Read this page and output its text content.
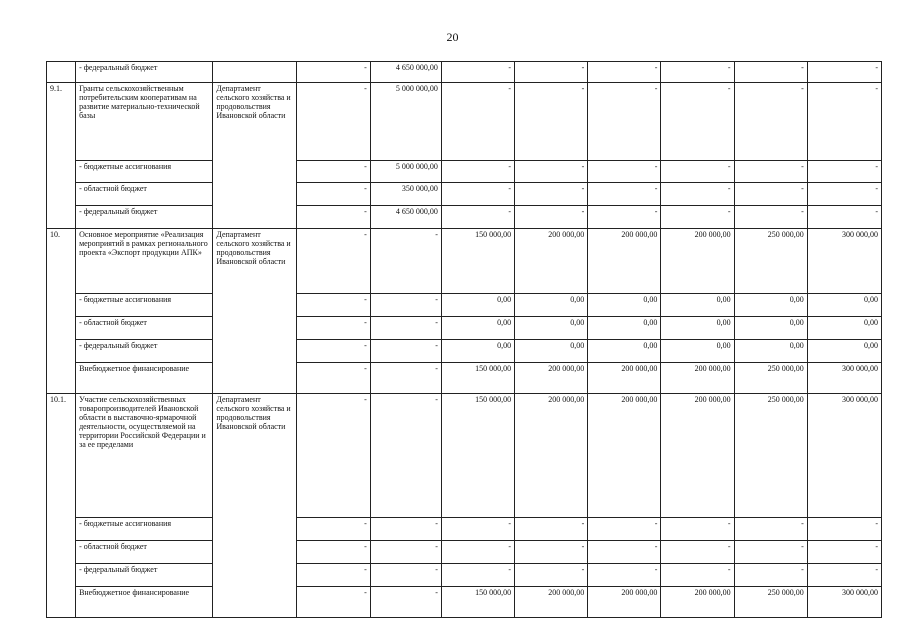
20
	- федеральный бюджет		-	4 650 000,00	-	-	-	-	-	-
9.1.	Гранты сельскохозяйственным потребительским кооперативам на развитие материально-технической базы	Департамент сельского хозяйства и продовольствия Ивановской области	-	5 000 000,00	-	-	-	-	-	-
	- бюджетные ассигнования		-	5 000 000,00	-	-	-	-	-	-
	- областной бюджет		-	350 000,00	-	-	-	-	-	-
	- федеральный бюджет		-	4 650 000,00	-	-	-	-	-	-
10.	Основное мероприятие «Реализация мероприятий в рамках регионального проекта «Экспорт продукции АПК»	Департамент сельского хозяйства и продовольствия Ивановской области	-	-	150 000,00	200 000,00	200 000,00	200 000,00	250 000,00	300 000,00
	- бюджетные ассигнования		-	-	0,00	0,00	0,00	0,00	0,00	0,00
	- областной бюджет		-	-	0,00	0,00	0,00	0,00	0,00	0,00
	- федеральный бюджет		-	-	0,00	0,00	0,00	0,00	0,00	0,00
	Внебюджетное финансирование		-	-	150 000,00	200 000,00	200 000,00	200 000,00	250 000,00	300 000,00
10.1.	Участие сельскохозяйственных товаропроизводителей Ивановской области в выставочно-ярмарочной деятельности, осуществляемой на территории Российской Федерации и за ее пределами	Департамент сельского хозяйства и продовольствия Ивановской области	-	-	150 000,00	200 000,00	200 000,00	200 000,00	250 000,00	300 000,00
	- бюджетные ассигнования		-	-	-	-	-	-	-	-
	- областной бюджет		-	-	-	-	-	-	-	-
	- федеральный бюджет		-	-	-	-	-	-	-	-
	Внебюджетное финансирование		-	-	150 000,00	200 000,00	200 000,00	200 000,00	250 000,00	300 000,00
